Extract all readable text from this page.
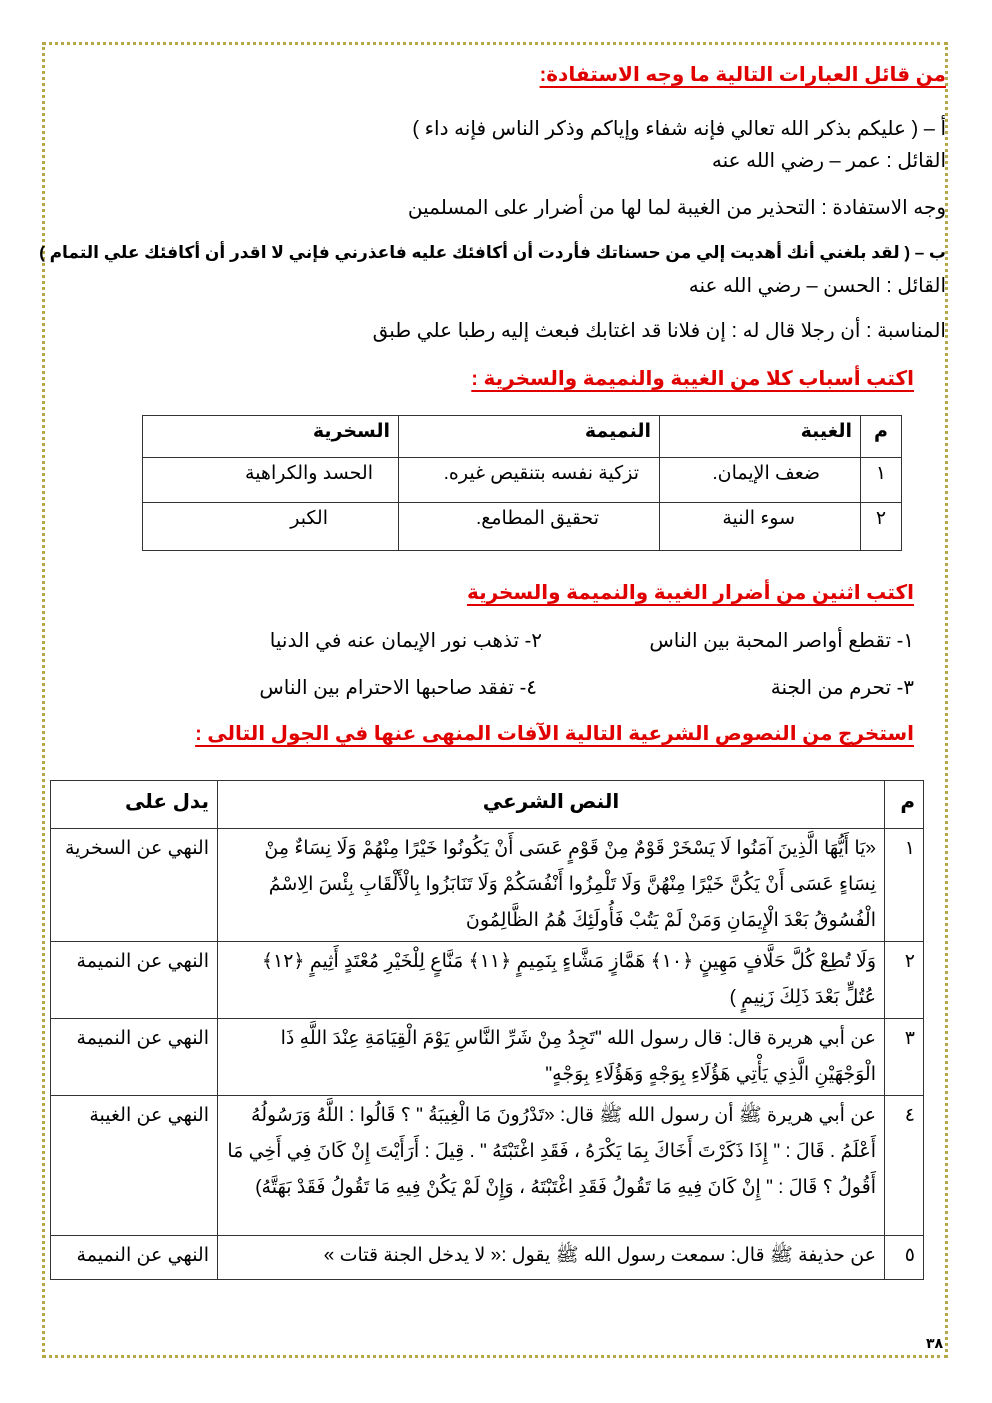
من قائل العبارات التالية ما وجه الاستفادة:
أ – ( عليكم بذكر الله تعالي فإنه شفاء وإياكم وذكر الناس فإنه داء )
القائل : عمر – رضي الله عنه
وجه الاستفادة : التحذير من الغيبة لما لها من أضرار على المسلمين
ب – ( لقد بلغني أنك أهديت إلي من حسناتك فأردت أن أكافئك عليه فاعذرني فإني لا اقدر أن أكافئك علي التمام )
القائل : الحسن – رضي الله عنه
المناسبة : أن رجلا قال له : إن فلانا قد اغتابك فبعث إليه رطبا علي طبق
اكتب أسباب كلا من الغيبة والنميمة والسخرية :
م	الغيبة	النميمة	السخرية
١	ضعف الإيمان.	تزكية نفسه بتنقيص غيره.	الحسد والكراهية
٢	سوء النية	تحقيق المطامع.	الكبر
اكتب اثنين من أضرار الغيبة والنميمة والسخرية
١- تقطع أواصر المحبة بين الناس
٢- تذهب نور الإيمان عنه في الدنيا
٣- تحرم من الجنة
٤- تفقد صاحبها الاحترام بين الناس
استخرج من النصوص الشرعية التالية الآفات المنهى عنها في الجول التالى :
م	النص الشرعي	يدل على
١	«يَا أَيُّهَا الَّذِينَ آمَنُوا لَا يَسْخَرْ قَوْمٌ مِنْ قَوْمٍ عَسَى أَنْ يَكُونُوا خَيْرًا مِنْهُمْ وَلَا نِسَاءٌ مِنْ نِسَاءٍ عَسَى أَنْ يَكُنَّ خَيْرًا مِنْهُنَّ وَلَا تَلْمِزُوا أَنْفُسَكُمْ وَلَا تَنَابَزُوا بِالْأَلْقَابِ بِئْسَ الِاسْمُ الْفُسُوقُ بَعْدَ الْإِيمَانِ وَمَنْ لَمْ يَتُبْ فَأُولَئِكَ هُمُ الظَّالِمُونَ	النهي عن السخرية
٢	وَلَا تُطِعْ كُلَّ حَلَّافٍ مَهِينٍ ﴿١٠﴾ هَمَّازٍ مَشَّاءٍ بِنَمِيمٍ ﴿١١﴾ مَنَّاعٍ لِلْخَيْرِ مُعْتَدٍ أَثِيمٍ ﴿١٢﴾ عُتُلٍّ بَعْدَ ذَلِكَ زَنِيمٍ )	النهي عن النميمة
٣	عن أبي هريرة قال: قال رسول الله "تَجِدُ مِنْ شَرِّ النَّاسِ يَوْمَ الْقِيَامَةِ عِنْدَ اللَّهِ ذَا الْوَجْهَيْنِ الَّذِي يَأْتِي هَؤُلَاءِ بِوَجْهٍ وَهَؤُلَاءِ بِوَجْهٍ"	النهي عن النميمة
٤	عن أبي هريرة ﷺ أن رسول الله ﷺ قال: «تَدْرُونَ مَا الْغِيبَةُ " ؟ قَالُوا : اللَّهُ وَرَسُولُهُ أَعْلَمُ . قَالَ : " إِذَا ذَكَرْتَ أَخَاكَ بِمَا يَكْرَهُ ، فَقَدِ اغْتَبْتَهُ " . قِيلَ : أَرَأَيْتَ إِنْ كَانَ فِي أَخِي مَا أَقُولُ ؟ قَالَ : " إِنْ كَانَ فِيهِ مَا تَقُولُ فَقَدِ اغْتَبْتَهُ ، وَإِنْ لَمْ يَكُنْ فِيهِ مَا تَقُولُ فَقَدْ بَهَتَّهُ)	النهي عن الغيبة
٥	عن حذيفة ﷺ قال: سمعت رسول الله ﷺ يقول :« لا يدخل الجنة قتات »	النهي عن النميمة
٣٨
